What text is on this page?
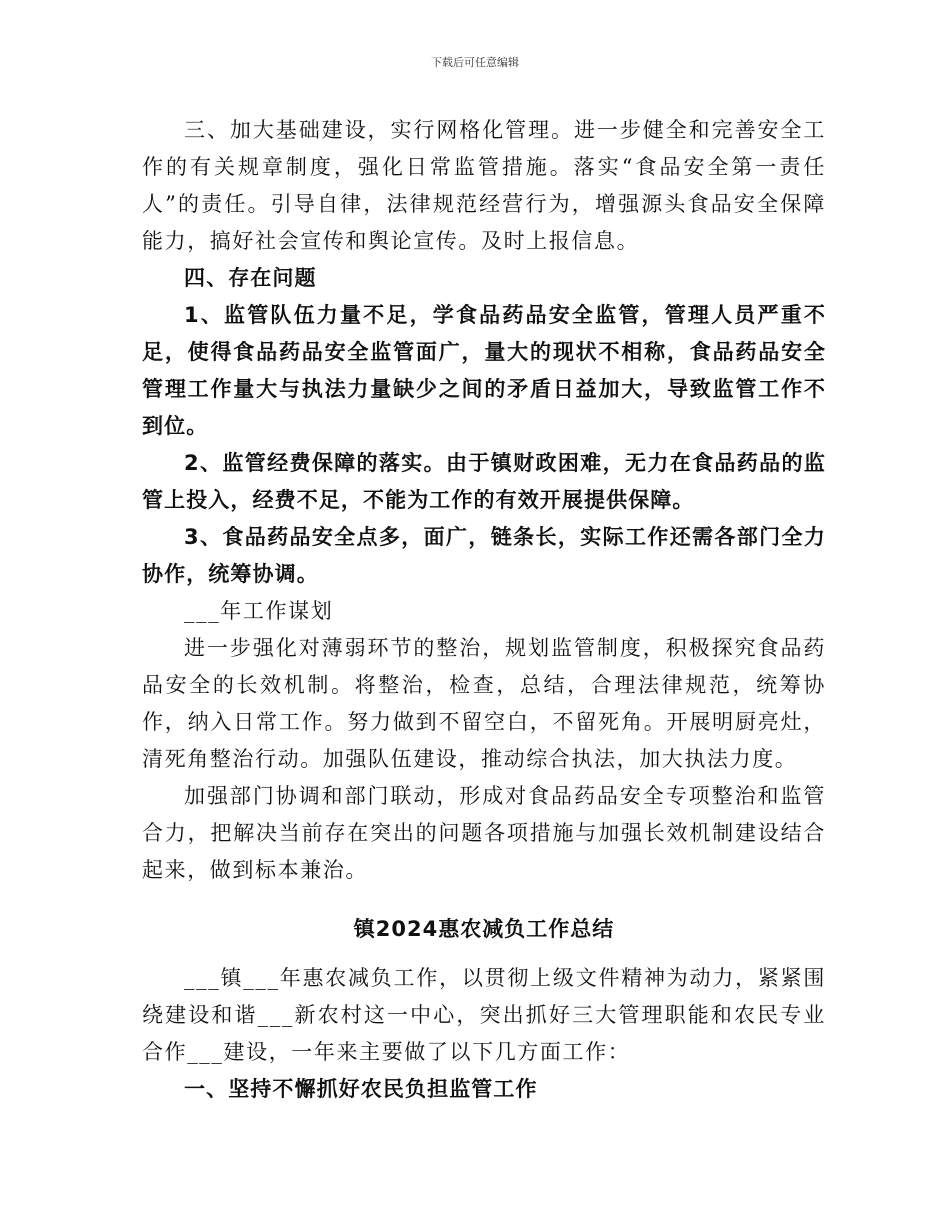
下载后可任意编辑

三、加大基础建设，实行网格化管理。进一步健全和完善安全工作的有关规章制度，强化日常监管措施。落实“食品安全第一责任人”的责任。引导自律，法律规范经营行为，增强源头食品安全保障能力，搞好社会宣传和舆论宣传。及时上报信息。

四、存在问题

1、监管队伍力量不足，学食品药品安全监管，管理人员严重不足，使得食品药品安全监管面广，量大的现状不相称，食品药品安全管理工作量大与执法力量缺少之间的矛盾日益加大，导致监管工作不到位。

2、监管经费保障的落实。由于镇财政困难，无力在食品药品的监管上投入，经费不足，不能为工作的有效开展提供保障。

3、食品药品安全点多，面广，链条长，实际工作还需各部门全力协作，统筹协调。

___年工作谋划

进一步强化对薄弱环节的整治，规划监管制度，积极探究食品药品安全的长效机制。将整治，检查，总结，合理法律规范，统筹协作，纳入日常工作。努力做到不留空白，不留死角。开展明厨亮灶，清死角整治行动。加强队伍建设，推动综合执法，加大执法力度。

加强部门协调和部门联动，形成对食品药品安全专项整治和监管合力，把解决当前存在突出的问题各项措施与加强长效机制建设结合起来，做到标本兼治。

镇2024惠农减负工作总结

___镇___年惠农减负工作，以贯彻上级文件精神为动力，紧紧围绕建设和谐___新农村这一中心，突出抓好三大管理职能和农民专业合作___建设，一年来主要做了以下几方面工作：

一、坚持不懈抓好农民负担监管工作
